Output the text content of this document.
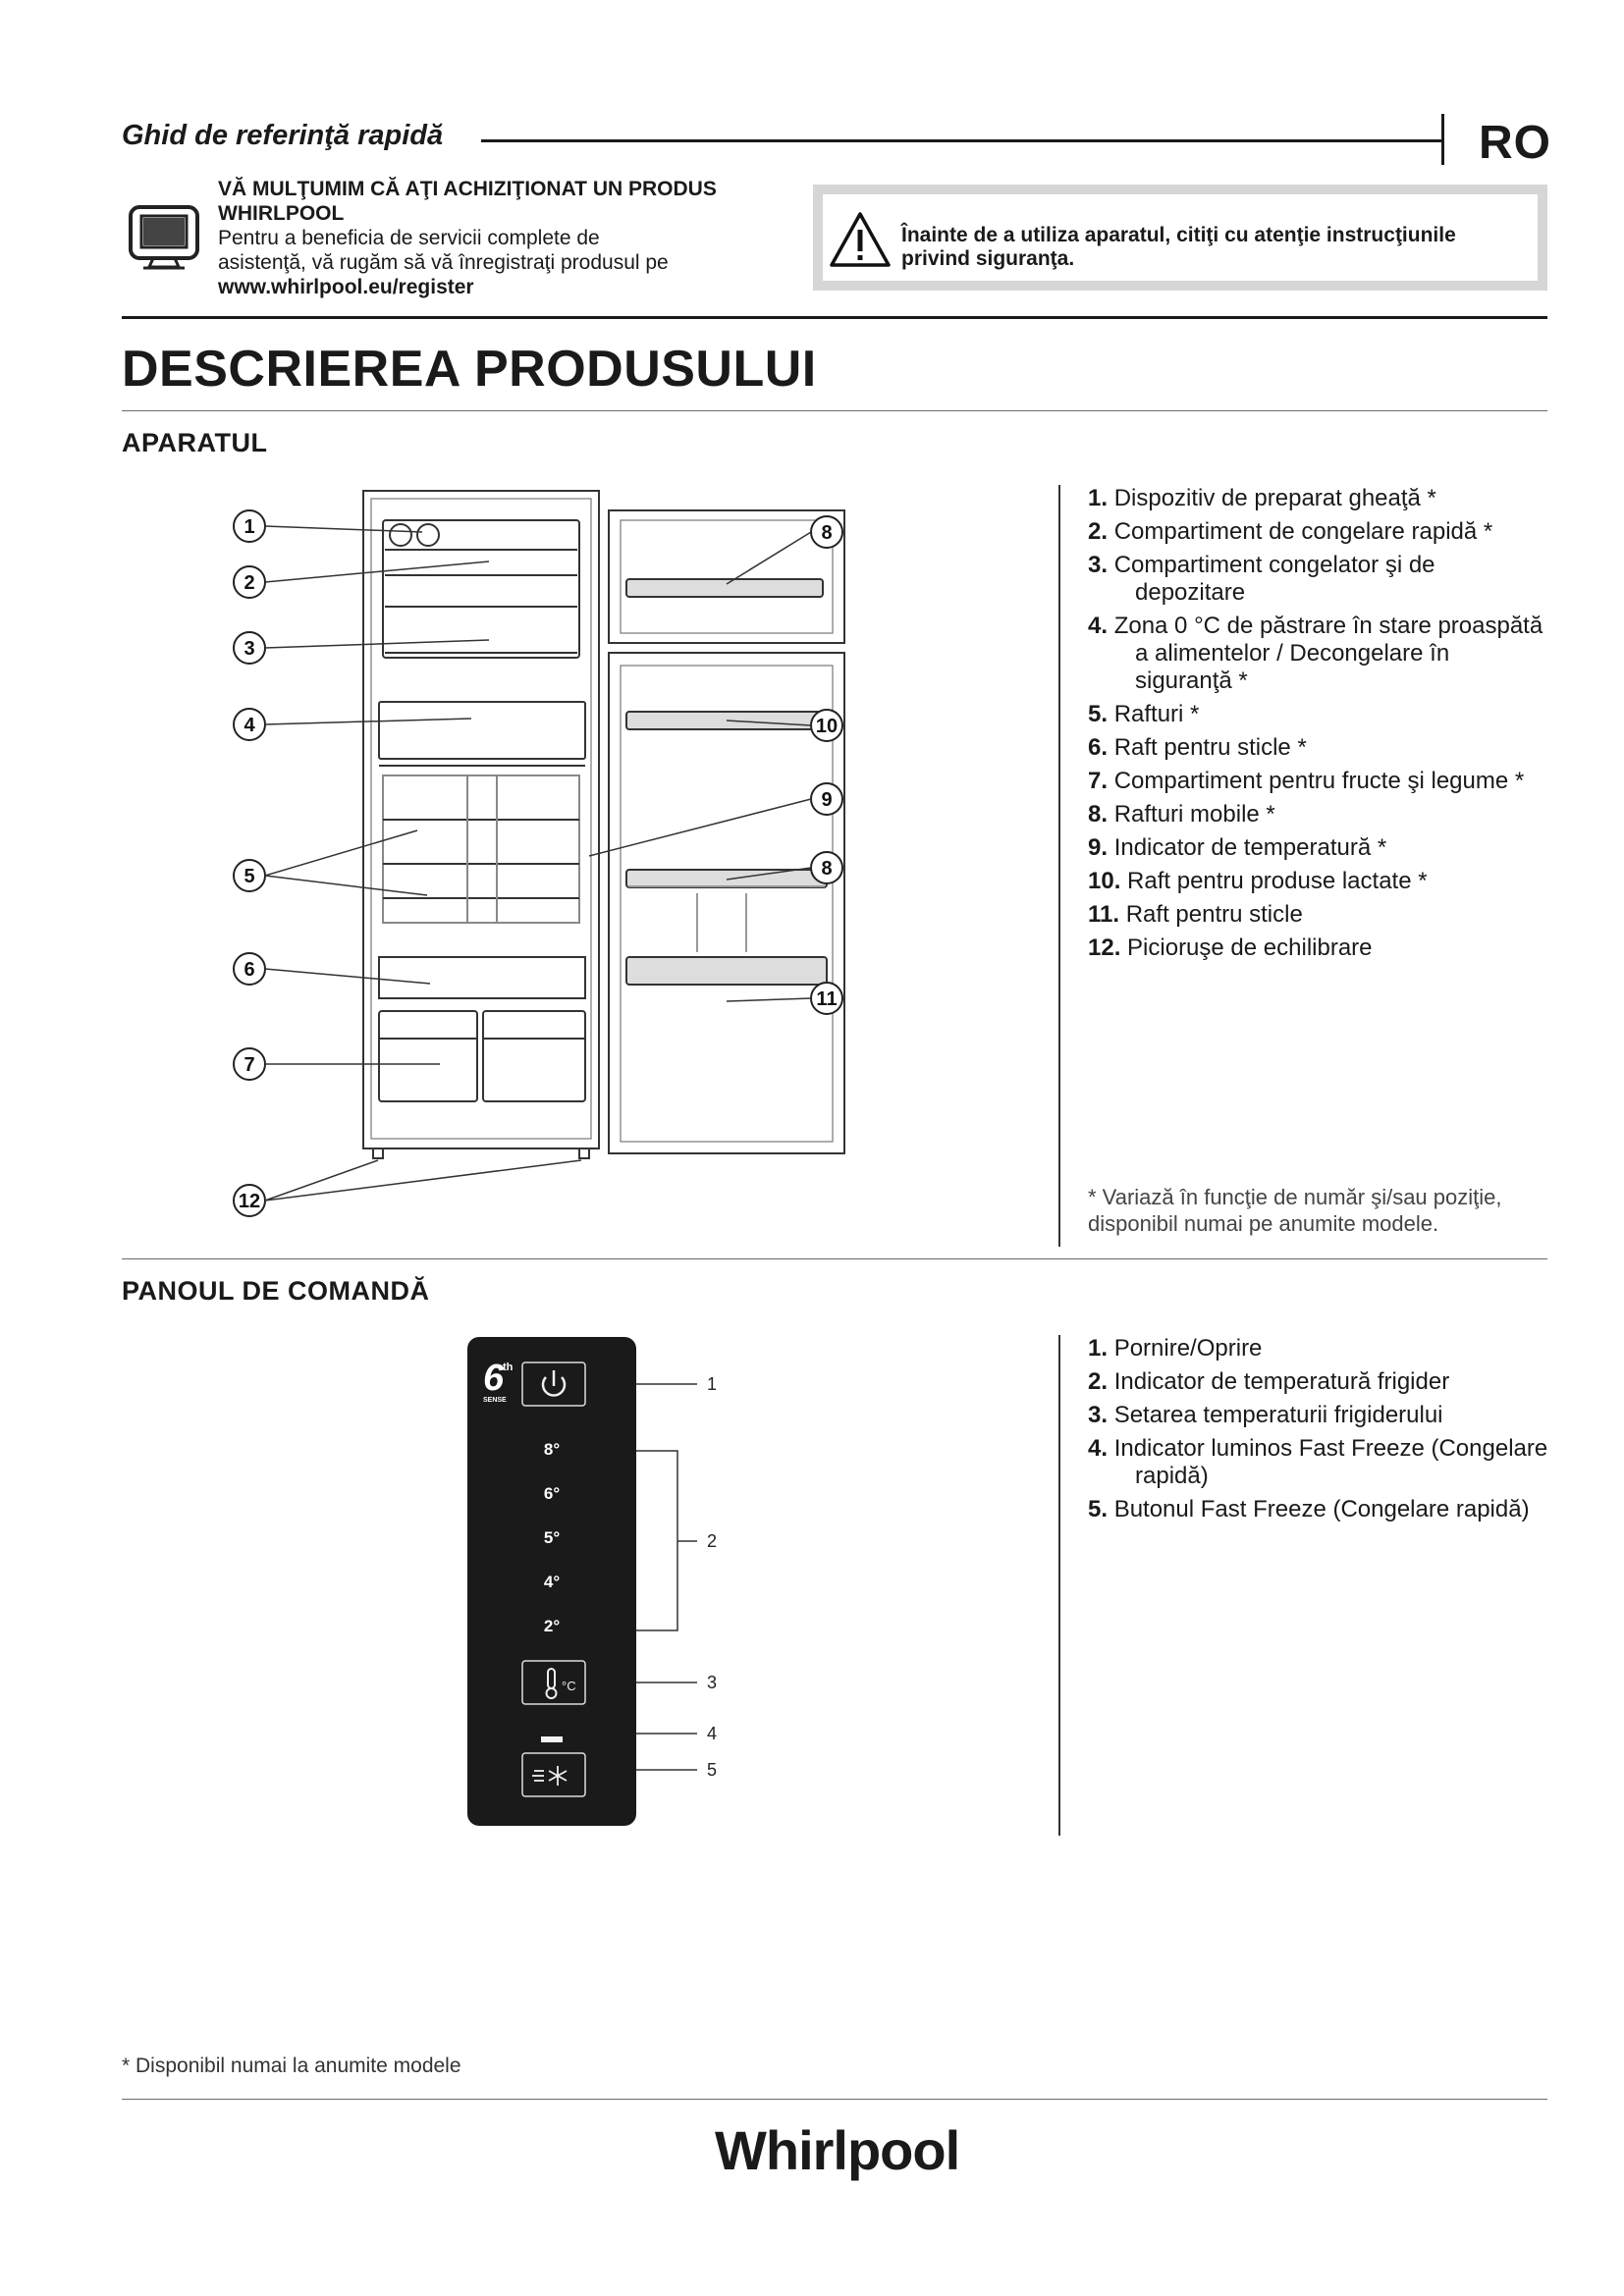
Ghid de referinţă rapidă	RO
VĂ MULŢUMIM CĂ AŢI ACHIZIŢIONAT UN PRODUS
WHIRLPOOL
Pentru a beneficia de servicii complete de
asistenţă, vă rugăm să vă înregistraţi produsul pe
www.whirlpool.eu/register
Înainte de a utiliza aparatul, citiţi cu atenţie instrucţiunile
privind siguranţa.
DESCRIEREA PRODUSULUI
APARATUL
1
2
3
4
5
6
7
8
9
10
8
11
12
1. Dispozitiv de preparat gheaţă *
2. Compartiment de congelare rapidă *
3. Compartiment congelator şi de depozitare
4. Zona 0 °C de păstrare în stare proaspătă a alimentelor / Decongelare în siguranţă *
5. Rafturi *
6. Raft pentru sticle *
7. Compartiment pentru fructe şi legume *
8. Rafturi mobile *
9. Indicator de temperatură *
10. Raft pentru produse lactate *
11. Raft pentru sticle
12. Picioruşe de echilibrare
* Variază în funcţie de număr şi/sau poziţie,
disponibil numai pe anumite modele.
PANOUL DE COMANDĂ
6
th
SENSE
8°
6°
5°
4°
2°
°C
1
2
3
4
5
1. Pornire/Oprire
2. Indicator de temperatură frigider
3. Setarea temperaturii frigiderului
4. Indicator luminos Fast Freeze (Congelare rapidă)
5. Butonul Fast Freeze (Congelare rapidă)
* Disponibil numai la anumite modele
Whirlpool
